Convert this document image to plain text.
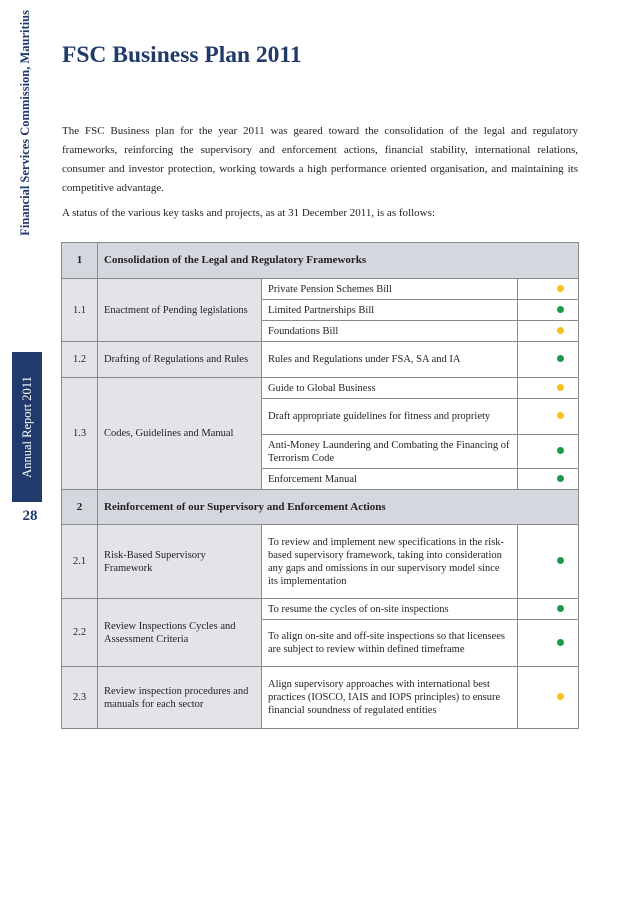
Financial Services Commission, Mauritius
Annual Report 2011
28
FSC Business Plan 2011

The FSC Business plan for the year 2011 was geared toward the consolidation of the legal and regulatory frameworks, reinforcing the supervisory and enforcement actions, financial stability, international relations, consumer and investor protection, working towards a high performance oriented organisation, and maintaining its competitive advantage.

A status of the various key tasks and projects, as at 31 December 2011, is as follows:

1	Consolidation of the Legal and Regulatory Frameworks		
1.1	Enactment of Pending legislations	Private Pension Schemes Bill	
		Limited Partnerships Bill	
		Foundations Bill	
1.2	Drafting of Regulations and Rules	Rules and Regulations under FSA, SA and IA	
1.3	Codes, Guidelines and Manual	Guide to Global Business	
		Draft appropriate guidelines for fitness and propriety	
		Anti-Money Laundering and Combating the Financing of Terrorism Code	
		Enforcement Manual	
2	Reinforcement of our Supervisory and Enforcement Actions		
2.1	Risk-Based Supervisory Framework	To review and implement new specifications in the risk-based supervisory framework, taking into consideration any gaps and omissions in our supervisory model since its implementation	
2.2	Review Inspections Cycles and Assessment Criteria	To resume the cycles of on-site inspections	
		To align on-site and off-site inspections so that licensees are subject to review within defined timeframe	
2.3	Review inspection procedures and manuals for each sector	Align supervisory approaches with international best practices (IOSCO, IAIS and IOPS principles) to ensure financial soundness of regulated entities	
